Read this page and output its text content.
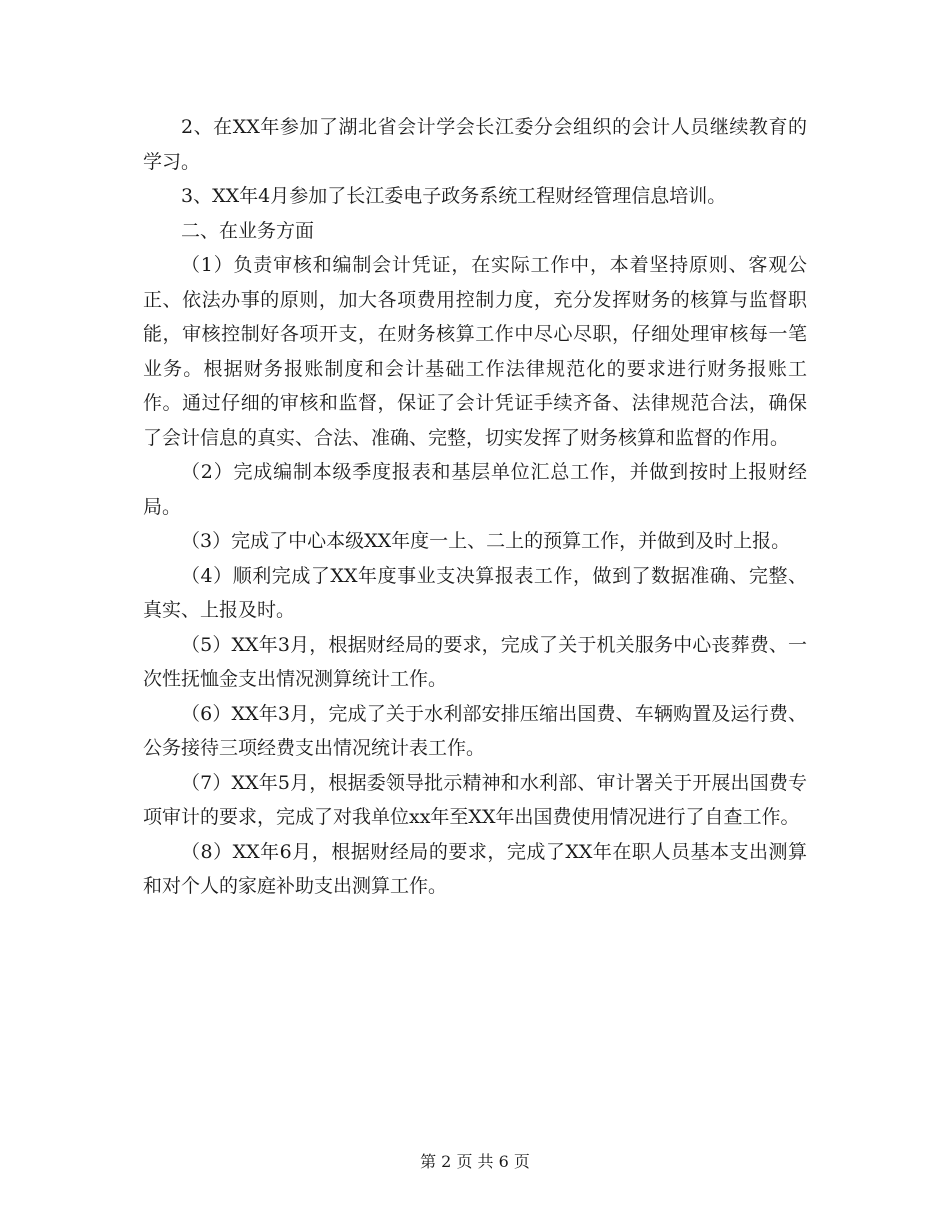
2、在XX年参加了湖北省会计学会长江委分会组织的会计人员继续教育的学习。

3、XX年4月参加了长江委电子政务系统工程财经管理信息培训。

二、在业务方面

（1）负责审核和编制会计凭证，在实际工作中，本着坚持原则、客观公正、依法办事的原则，加大各项费用控制力度，充分发挥财务的核算与监督职能，审核控制好各项开支，在财务核算工作中尽心尽职，仔细处理审核每一笔业务。根据财务报账制度和会计基础工作法律规范化的要求进行财务报账工作。通过仔细的审核和监督，保证了会计凭证手续齐备、法律规范合法，确保了会计信息的真实、合法、准确、完整，切实发挥了财务核算和监督的作用。

（2）完成编制本级季度报表和基层单位汇总工作，并做到按时上报财经局。

（3）完成了中心本级XX年度一上、二上的预算工作，并做到及时上报。

（4）顺利完成了XX年度事业支决算报表工作，做到了数据准确、完整、真实、上报及时。

（5）XX年3月，根据财经局的要求，完成了关于机关服务中心丧葬费、一次性抚恤金支出情况测算统计工作。

（6）XX年3月，完成了关于水利部安排压缩出国费、车辆购置及运行费、公务接待三项经费支出情况统计表工作。

（7）XX年5月，根据委领导批示精神和水利部、审计署关于开展出国费专项审计的要求，完成了对我单位xx年至XX年出国费使用情况进行了自查工作。

（8）XX年6月，根据财经局的要求，完成了XX年在职人员基本支出测算和对个人的家庭补助支出测算工作。

第 2 页 共 6 页
